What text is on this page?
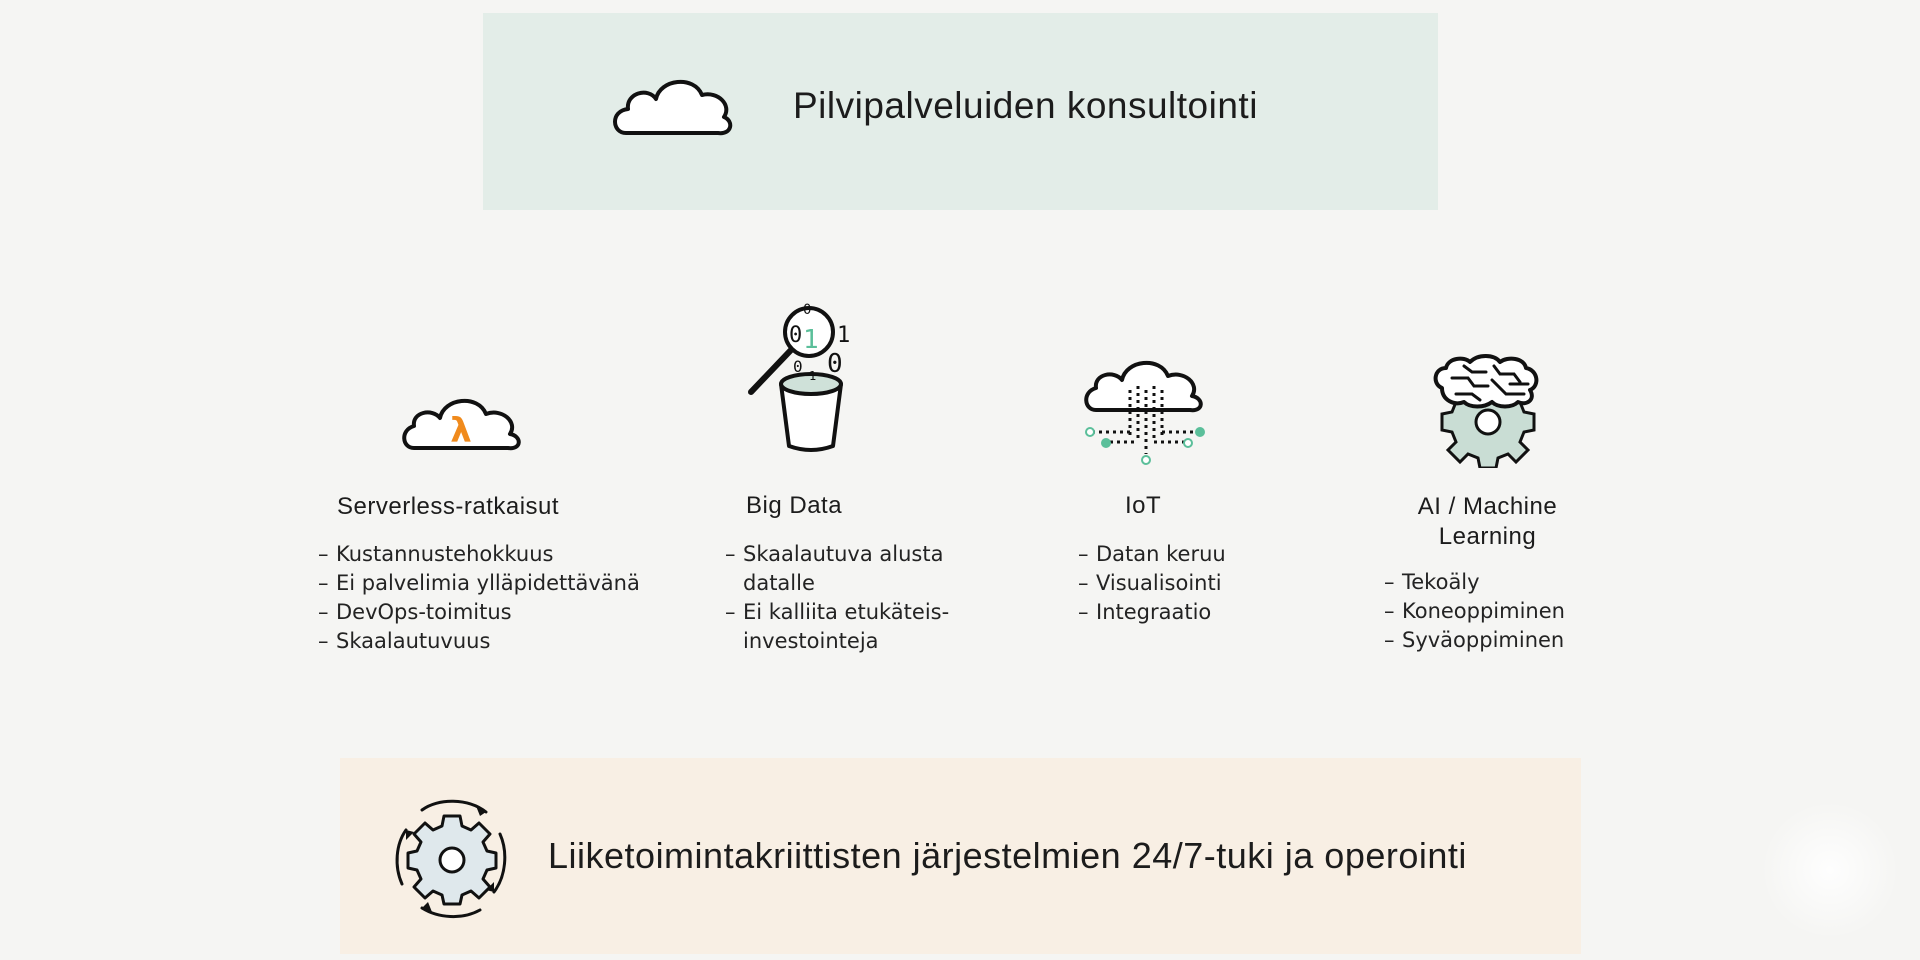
Pilvipalveluiden konsultointi
λ
Serverless-ratkaisut
– Kustannustehokkuus
– Ei palvelimia ylläpidettävänä
– DevOps-toimitus
– Skaalautuvuus
0 1 0
0 1
0
1
Big Data
– Skaalautuva alusta datalle
– Ei kalliita etukäteis-investointeja
IoT
– Datan keruu
– Visualisointi
– Integraatio
AI / Machine Learning
– Tekoäly
– Koneoppiminen
– Syväoppiminen
Liiketoimintakriittisten järjestelmien 24/7-tuki ja operointi
